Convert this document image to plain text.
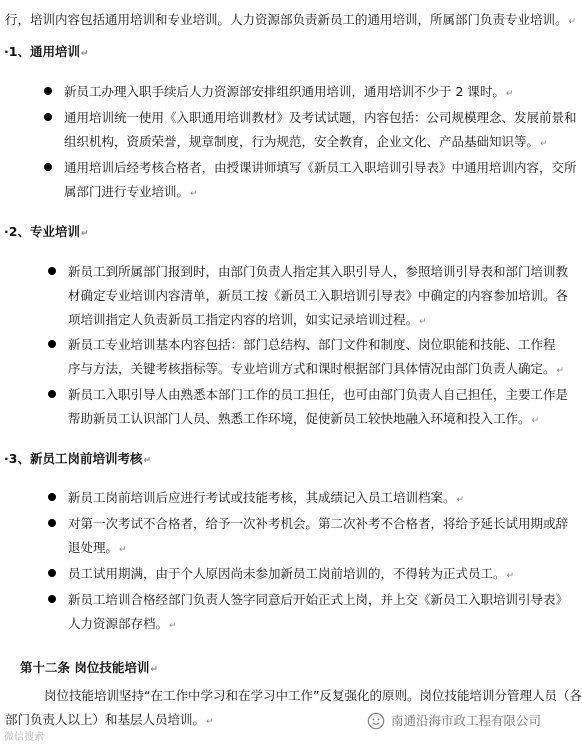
行，培训内容包括通用培训和专业培训。人力资源部负责新员工的通用培训，所属部门负责专业培训。↵
·1、通用培训↵
新员工办理入职手续后人力资源部安排组织通用培训，通用培训不少于 2 课时。↵
通用培训统一使用《入职通用培训教材》及考试试题，内容包括：公司规模理念、发展前景和
组织机构，资质荣誉，规章制度，行为规范，安全教育，企业文化、产品基础知识等。↵
通用培训后经考核合格者，由授课讲师填写《新员工入职培训引导表》中通用培训内容，交所
属部门进行专业培训。↵
·2、专业培训↵
新员工到所属部门报到时，由部门负责人指定其入职引导人，参照培训引导表和部门培训教
材确定专业培训内容清单，新员工按《新员工入职培训引导表》中确定的内容参加培训。各
项培训指定人负责新员工指定内容的培训，如实记录培训过程。↵
新员工专业培训基本内容包括：部门总结构、部门文件和制度、岗位职能和技能、工作程
序与方法，关键考核指标等。专业培训方式和课时根据部门具体情况由部门负责人确定。↵
新员工入职引导人由熟悉本部门工作的员工担任，也可由部门负责人自己担任，主要工作是
帮助新员工认识部门人员、熟悉工作环境，促使新员工较快地融入环境和投入工作。↵
·3、新员工岗前培训考核↵
新员工岗前培训后应进行考试或技能考核，其成绩记入员工培训档案。↵
对第一次考试不合格者，给予一次补考机会。第二次补考不合格者，将给予延长试用期或辞
退处理。↵
员工试用期满，由于个人原因尚未参加新员工岗前培训的，不得转为正式员工。↵
新员工培训合格经部门负责人签字同意后开始正式上岗，并上交《新员工入职培训引导表》
人力资源部存档。↵
第十二条 岗位技能培训↵
岗位技能培训坚持“在工作中学习和在学习中工作”反复强化的原则。岗位技能培训分管理人员（各
部门负责人以上）和基层人员培训。↵
微信搜索
南通沿海市政工程有限公司
